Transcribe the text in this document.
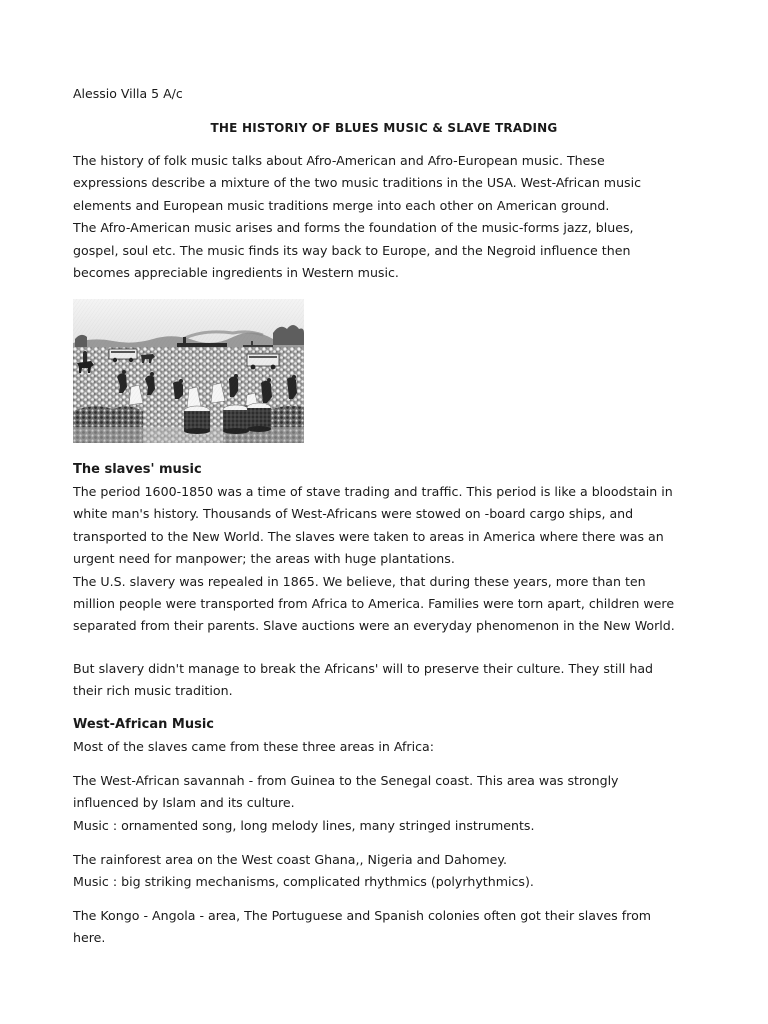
Alessio Villa 5 A/c
THE HISTORIY OF BLUES MUSIC & SLAVE TRADING

The history of folk music talks about Afro-American and Afro-European music. These
expressions describe a mixture of the two music traditions in the USA. West-African music
elements and European music traditions merge into each other on American ground.
The Afro-American music arises and forms the foundation of the music-forms jazz, blues,
gospel, soul etc. The music finds its way back to Europe, and the Negroid influence then
becomes appreciable ingredients in Western music.

The slaves' music

The period 1600-1850 was a time of stave trading and traffic. This period is like a bloodstain in
white man's history. Thousands of West-Africans were stowed on -board cargo ships, and
transported to the New World. The slaves were taken to areas in America where there was an
urgent need for manpower; the areas with huge plantations.
The U.S. slavery was repealed in 1865. We believe, that during these years, more than ten
million people were transported from Africa to America. Families were torn apart, children were
separated from their parents. Slave auctions were an everyday phenomenon in the New World.

But slavery didn't manage to break the Africans' will to preserve their culture. They still had
their rich music tradition.

West-African Music

Most of the slaves came from these three areas in Africa:

The West-African savannah - from Guinea to the Senegal coast. This area was strongly
influenced by Islam and its culture.
Music : ornamented song, long melody lines, many stringed instruments.

The rainforest area on the West coast Ghana,, Nigeria and Dahomey.
Music : big striking mechanisms, complicated rhythmics (polyrhythmics).

The Kongo - Angola - area, The Portuguese and Spanish colonies often got their slaves from
here.
